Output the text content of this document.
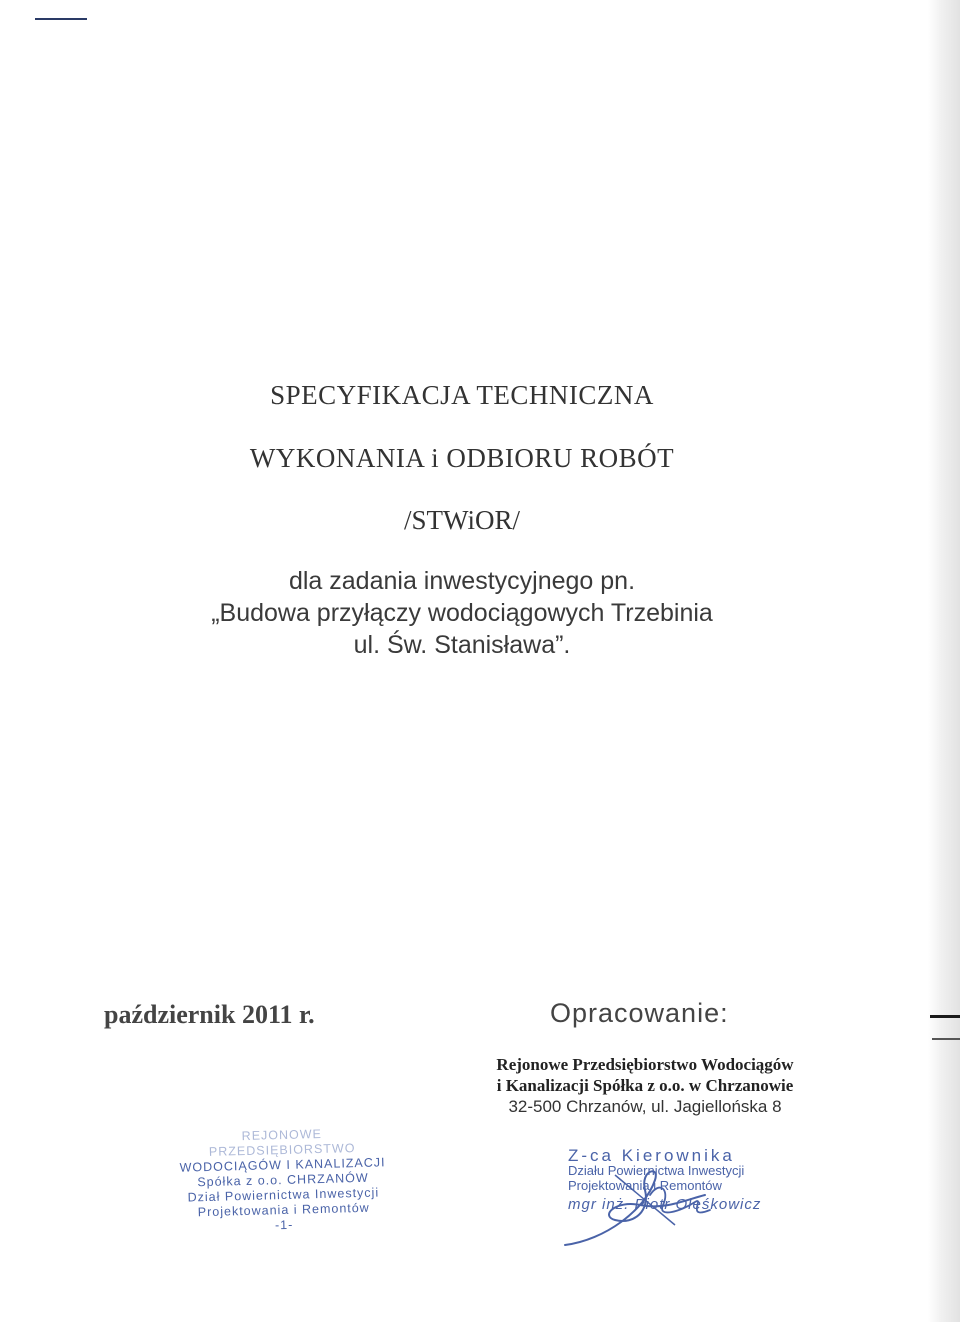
SPECYFIKACJA TECHNICZNA
WYKONANIA i ODBIORU ROBÓT
/STWiOR/
dla zadania inwestycyjnego pn.
„Budowa przyłączy wodociągowych Trzebinia
ul. Św. Stanisława”.
październik 2011 r.	Opracowanie:
Rejonowe Przedsiębiorstwo Wodociągów
i Kanalizacji Spółka z o.o. w Chrzanowie
32-500 Chrzanów, ul. Jagiellońska 8
REJONOWE PRZEDSIĘBIORSTWO
WODOCIĄGÓW I KANALIZACJI
Spółka z o.o. CHRZANÓW
Dział Powiernictwa Inwestycji
Projektowania i Remontów
-1-
Z-ca Kierownika
Działu Powiernictwa Inwestycji
Projektowania i Remontów
mgr inż. Piotr Oleśkowicz
